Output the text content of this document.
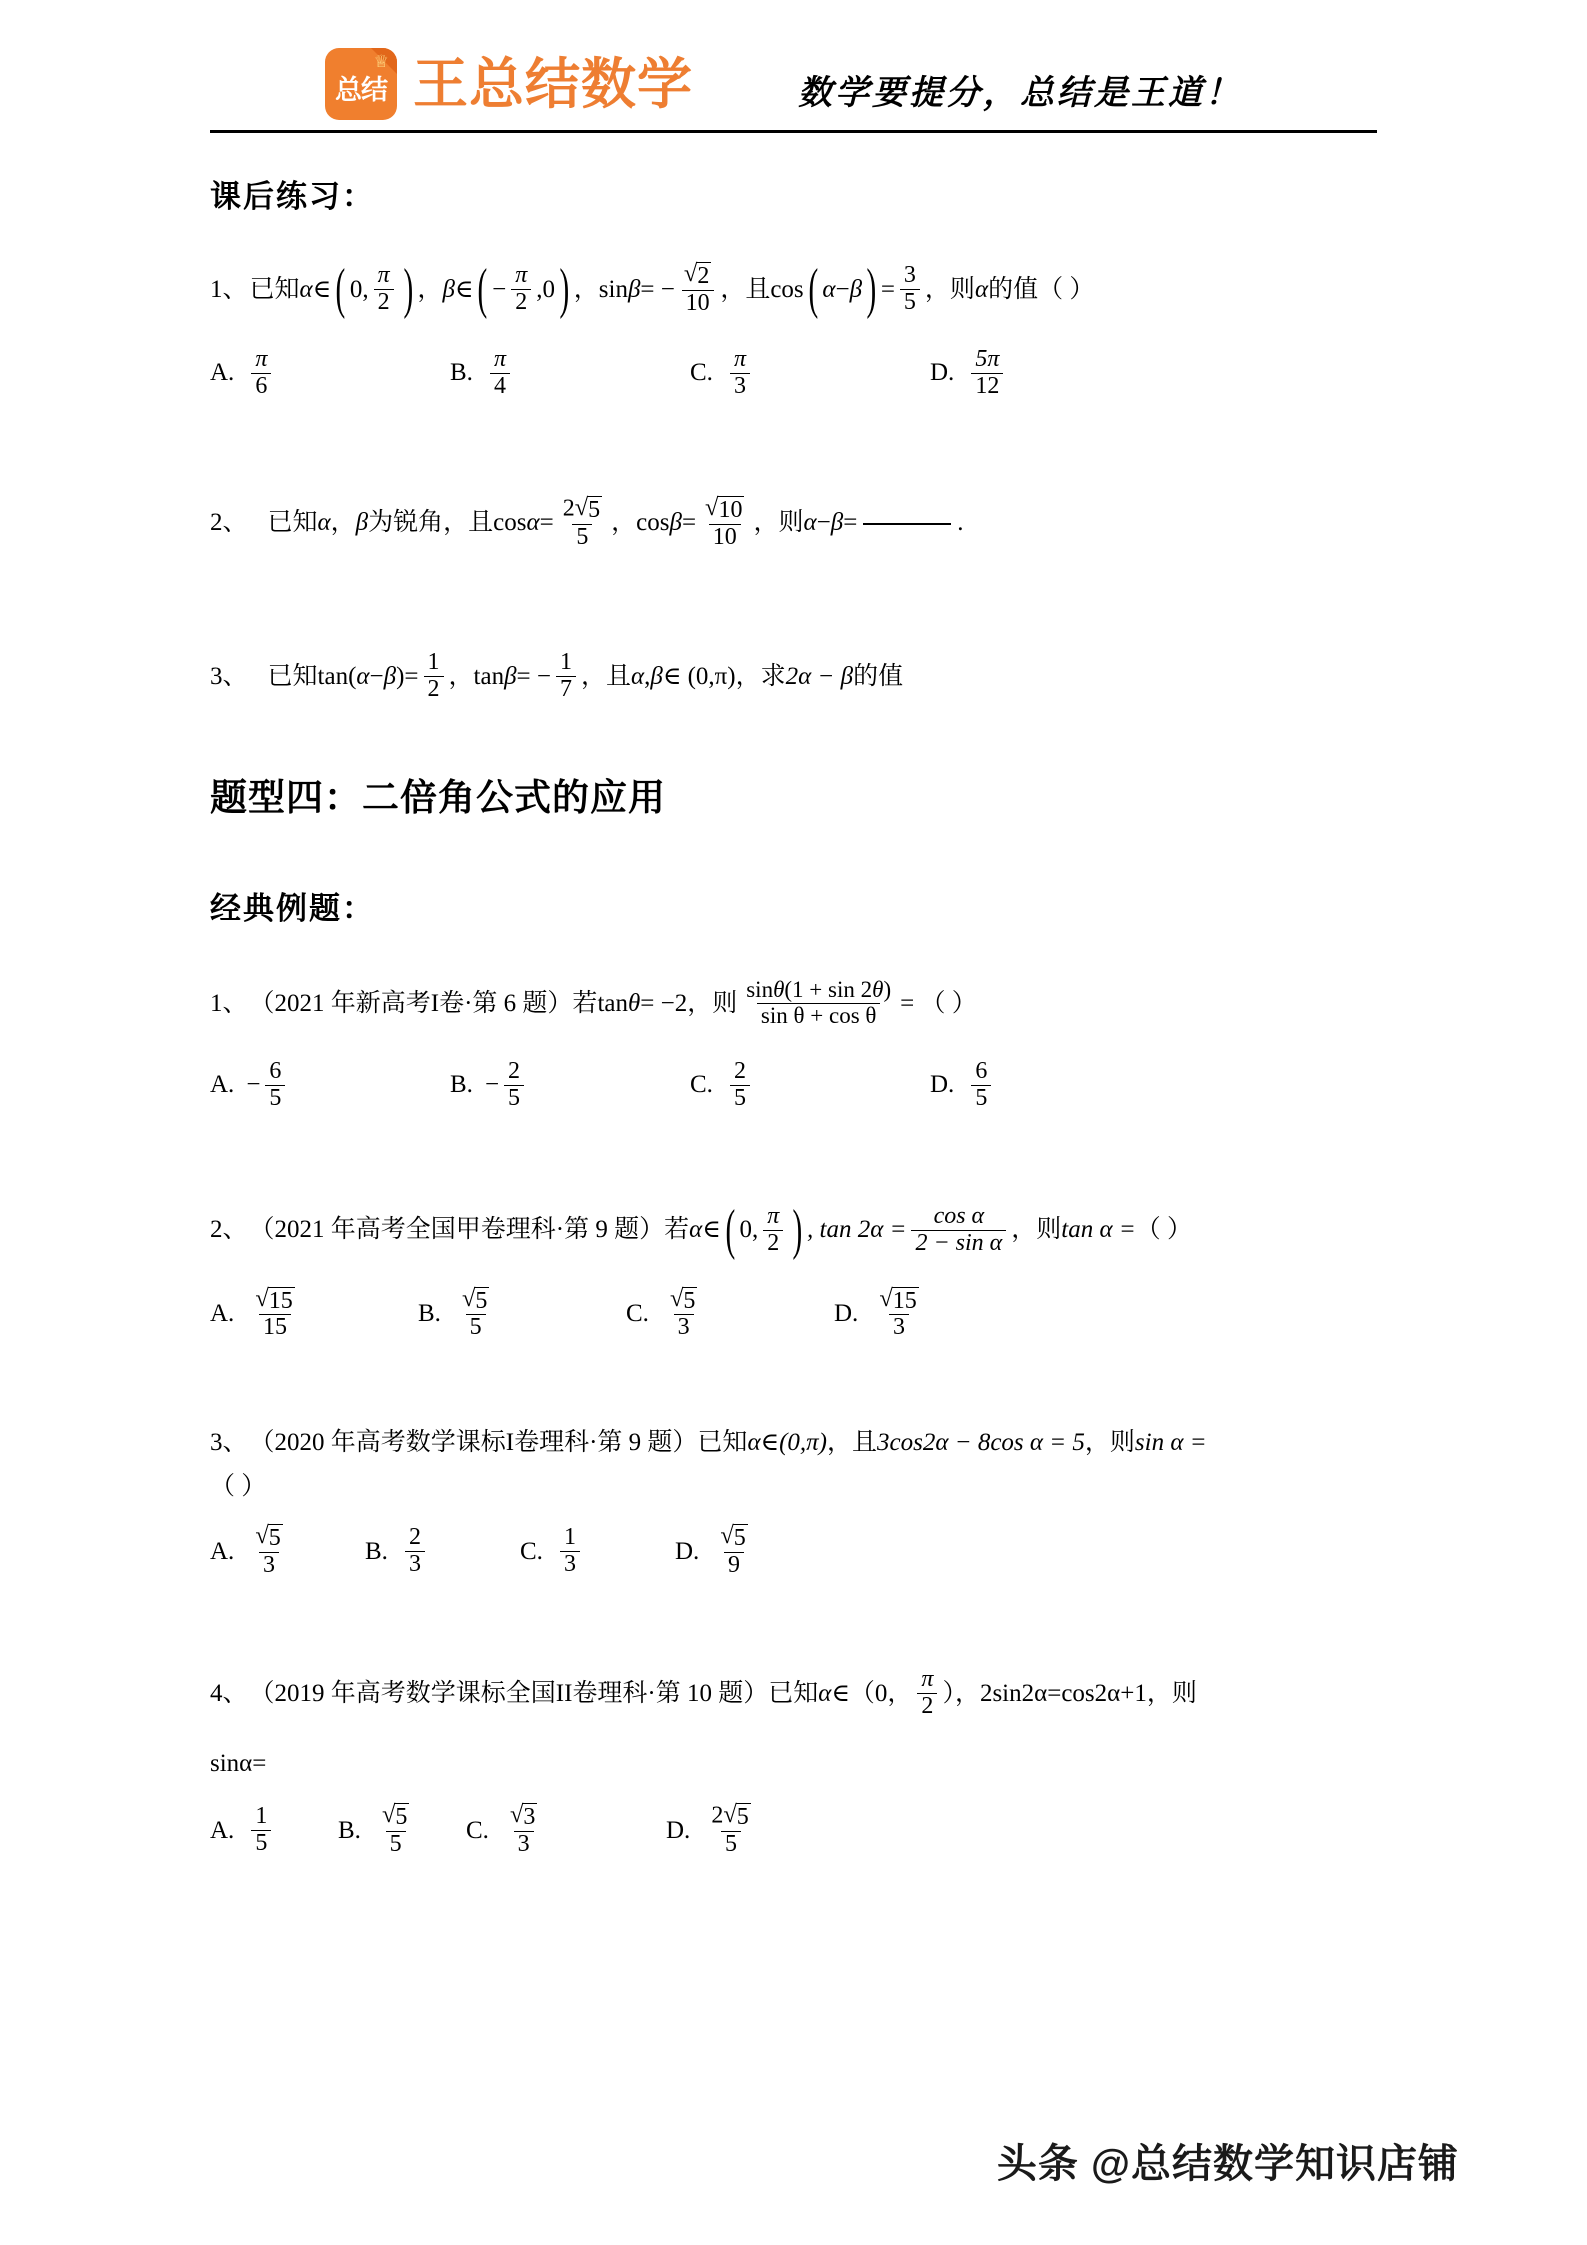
♕
总结 王总结数学	数学要提分，总结是王道！
课后练习：
1、 已知 α ∈ ( 0, $\frac{\pi}{2}$ ) ， β ∈ ( − $\frac{\pi}{2} ,0$ ) ， sin β = − $\frac{√ 2}{10}$ ，且 cos ( α − β ) = $\frac{3}{5}$ ，则 α 的值（ ）
A. $\frac{\pi}{6}$	B. $\frac{\pi}{4}$	C. $\frac{\pi}{3}$	D. $\frac{5\pi}{12}$
2、 已知 α ， β 为锐角，且 $\cos \alpha = \frac{2 √ 5}{5}$ ， $\cos \beta = \frac{√ 10}{10}$ ，则 α − β =	.
3、 已知 tan( α − β ) = $\frac{1}{2}$ ， tan β = − $\frac{1}{7}$ ，且 α , β ∈ (0,π) ，求 2α − β 的值
题型四：二倍角公式的应用
经典例题：
1、 （2021 年新高考I卷·第 6 题） 若 tan θ = −2 ，则 $\frac{\sin\theta(1 + \sin 2\theta)}{\text{sin θ + cos θ}}$ = （ ）
A. − $\frac{6}{5}$	B. − $\frac{2}{5}$	C. $\frac{2}{5}$	D. $\frac{6}{5}$
2、 （2021 年高考全国甲卷理科·第 9 题） 若 α ∈ ( 0, $\frac{\pi}{2}$ ) , $\tan 2\alpha = \frac{\text{cos α}}{\text{2 − sin α}}$ ，则 tan α = （ ）
A. $\frac{√ 15}{15}$	B. $\frac{√ 5}{5}$	C. $\frac{√ 5}{3}$	D. $\frac{√ 15}{3}$
3、 （2020 年高考数学课标I卷理科·第 9 题） 已知 α∈(0,π) ，且 3cos2α − 8cos α = 5 ，则 sin α =
（ ）
A. $\frac{√ 5}{3}$	B. $\frac{2}{3}$	C. $\frac{1}{3}$	D. $\frac{√ 5}{9}$
4、 （2019 年高考数学课标全国II卷理科·第 10 题） 已知 α ∈（0， $\frac{\pi}{2}$ ）， 2sin2α=cos2α+1，则
sinα=
A. $\frac{1}{5}$	B. $\frac{√ 5}{5} C$. $\frac{√ 3}{3}$	D. $\frac{2 √ 5}{5}$
头条 @总结数学知识店铺
